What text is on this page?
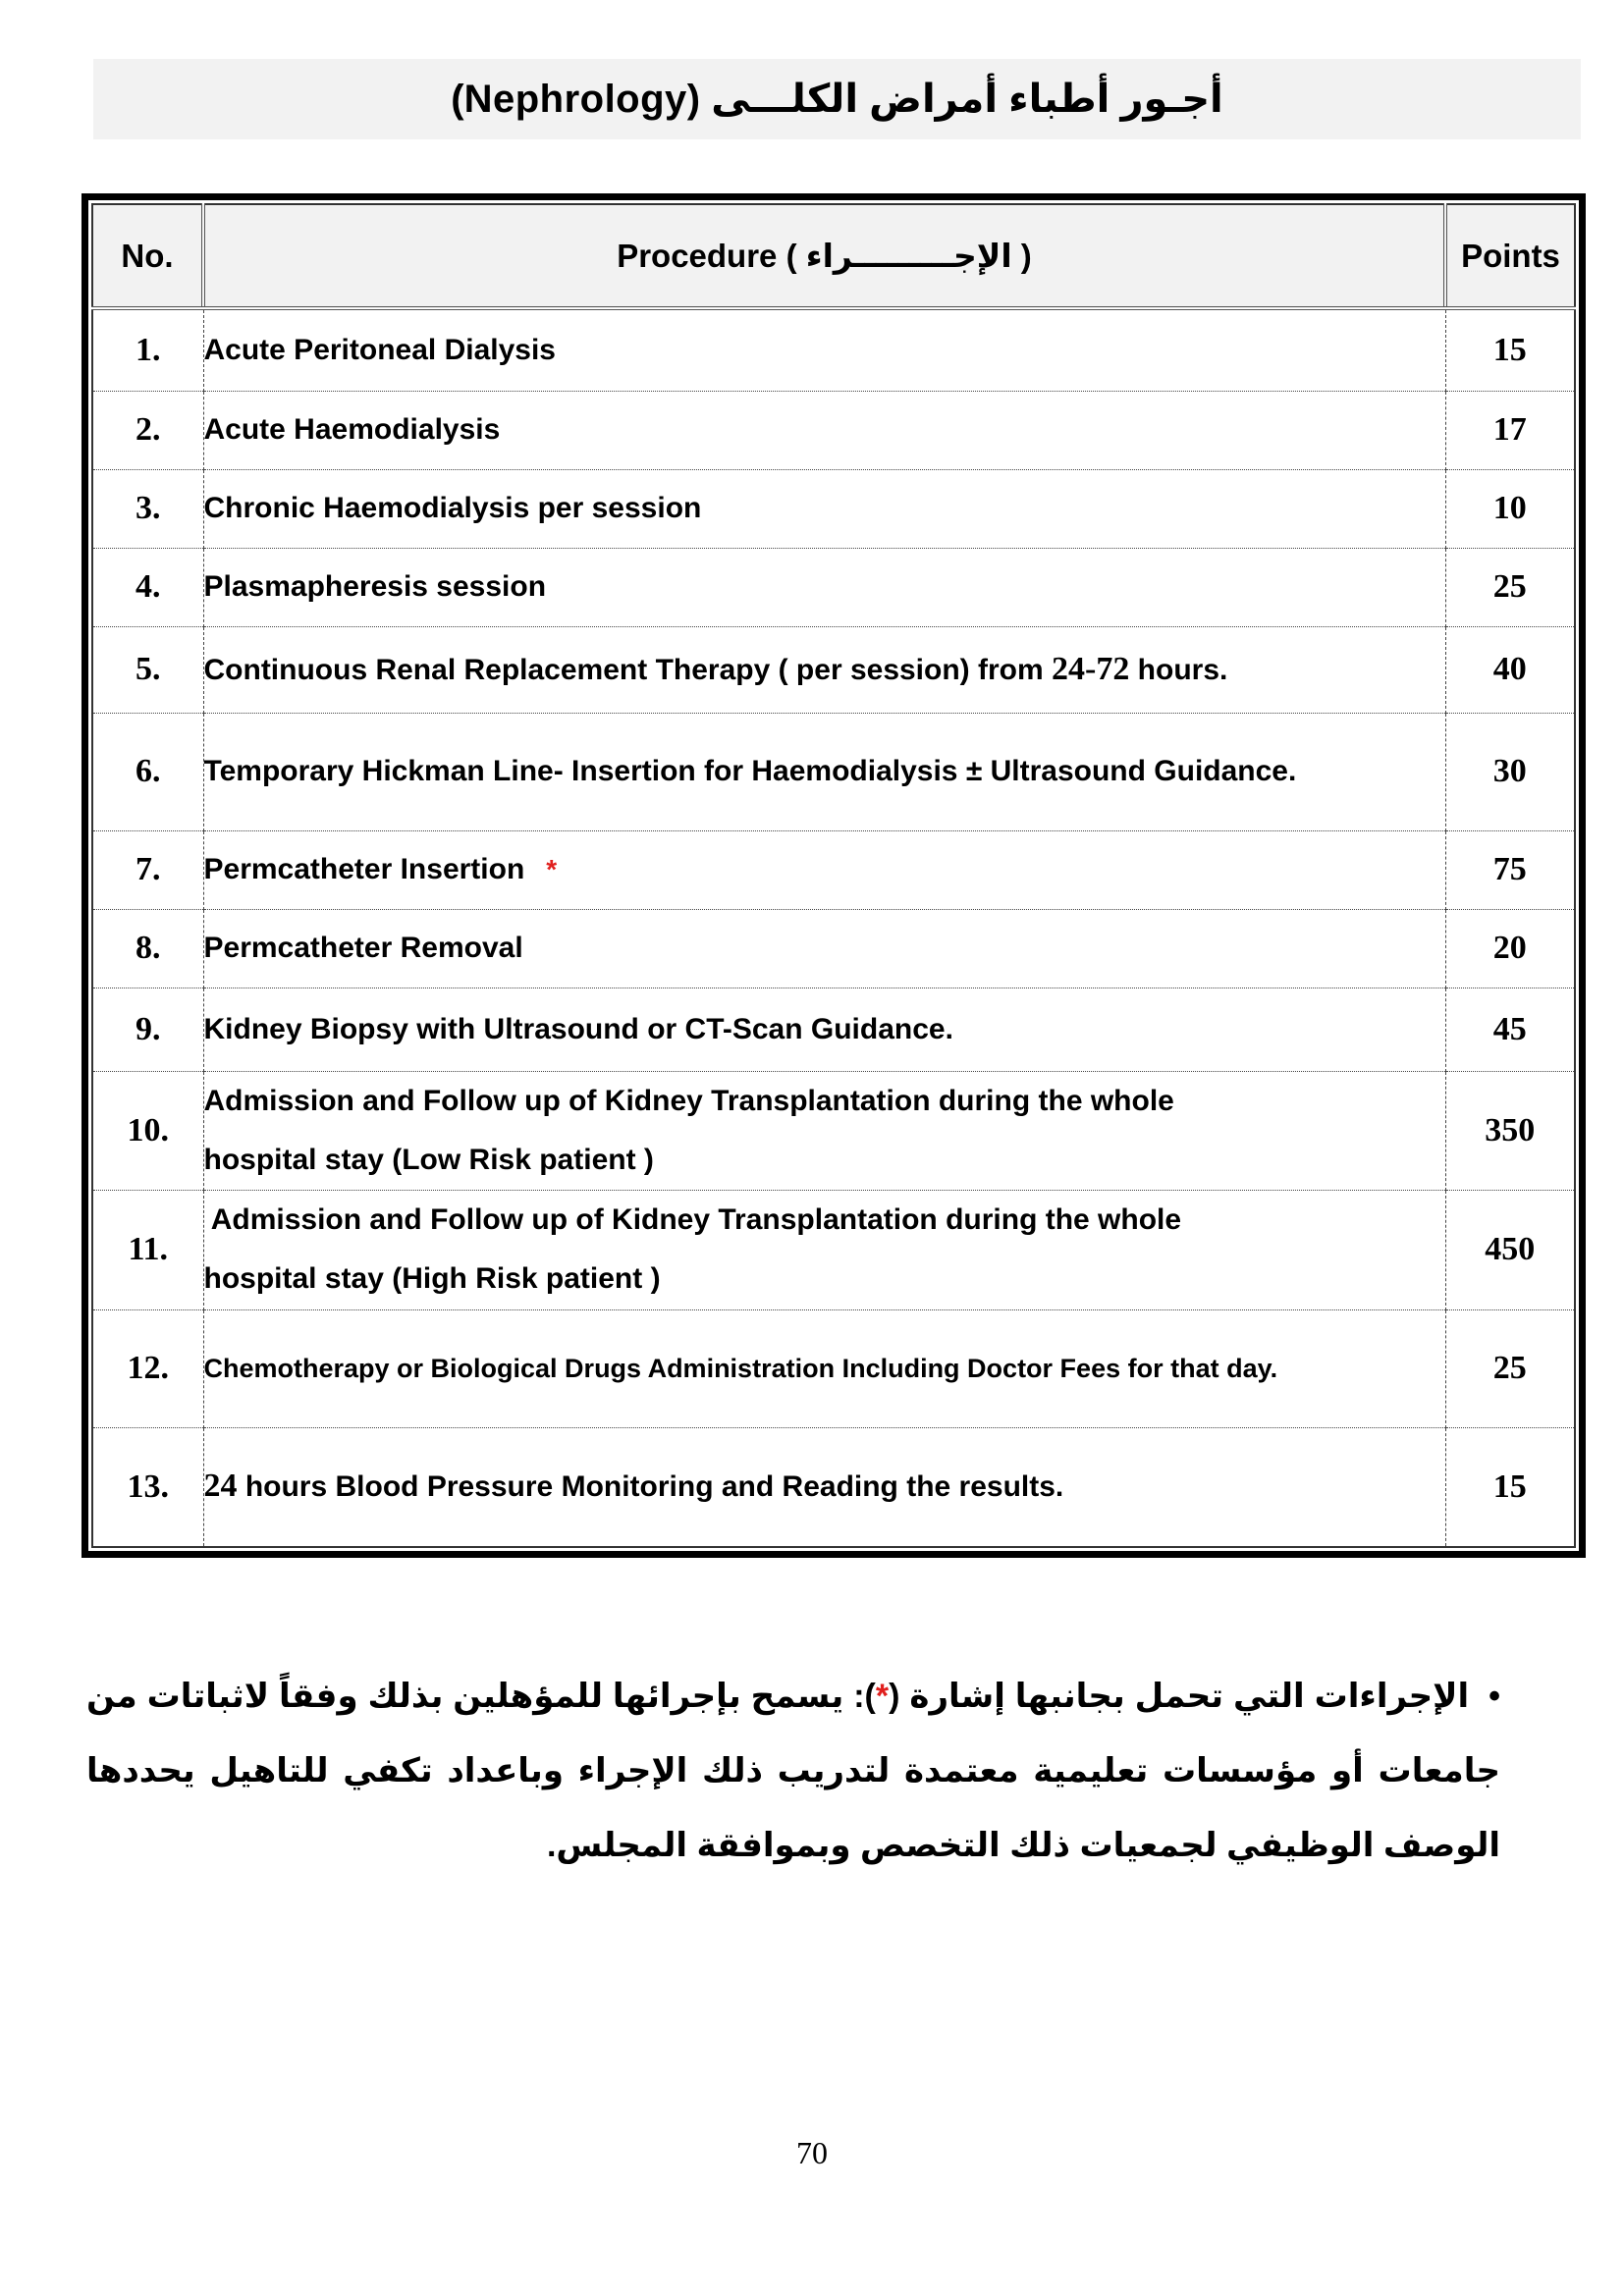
أجـور أطباء أمراض الكلـــى (Nephrology)
No.	Procedure ( الإجـــــــــراء )	Points
1.	Acute Peritoneal Dialysis	15
2.	Acute Haemodialysis	17
3.	Chronic Haemodialysis per session	10
4.	Plasmapheresis session	25
5.	Continuous Renal Replacement Therapy ( per session) from 24-72 hours.	40
6.	Temporary Hickman Line- Insertion for Haemodialysis ± Ultrasound Guidance.	30
7.	Permcatheter Insertion *	75
8.	Permcatheter Removal	20
9.	Kidney Biopsy with Ultrasound or CT-Scan Guidance.	45
10.	Admission and Follow up of Kidney Transplantation during the whole
hospital stay (Low Risk patient )	350
11.	Admission and Follow up of Kidney Transplantation during the whole
hospital stay (High Risk patient )	450
12.	Chemotherapy or Biological Drugs Administration Including Doctor Fees for that day.	25
13.	24 hours Blood Pressure Monitoring and Reading the results.	15
•الإجراءات التي تحمل بجانبها إشارة (*): يسمح بإجرائها للمؤهلين بذلك وفقاً لاثباتات من جامعات أو مؤسسات تعليمية معتمدة لتدريب ذلك الإجراء وباعداد تكفي للتاهيل يحددها الوصف الوظيفي لجمعيات ذلك التخصص وبموافقة المجلس.
70
